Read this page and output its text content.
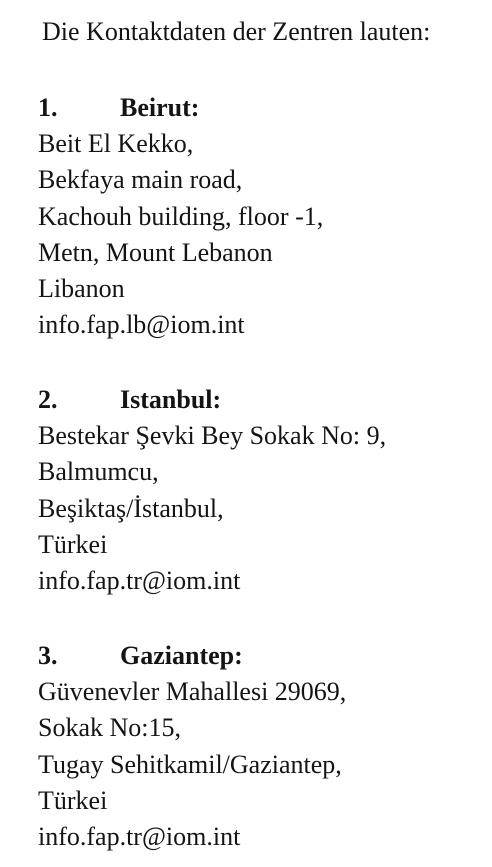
Die Kontaktdaten der Zentren lauten:
1. Beirut:
Beit El Kekko,
Bekfaya main road,
Kachouh building, floor -1,
Metn, Mount Lebanon
Libanon
info.fap.lb@iom.int
2. Istanbul:
Bestekar Şevki Bey Sokak No: 9,
Balmumcu,
Beşiktaş/İstanbul,
Türkei
info.fap.tr@iom.int
3. Gaziantep:
Güvenevler Mahallesi 29069,
Sokak No:15,
Tugay Sehitkamil/Gaziantep,
Türkei
info.fap.tr@iom.int
